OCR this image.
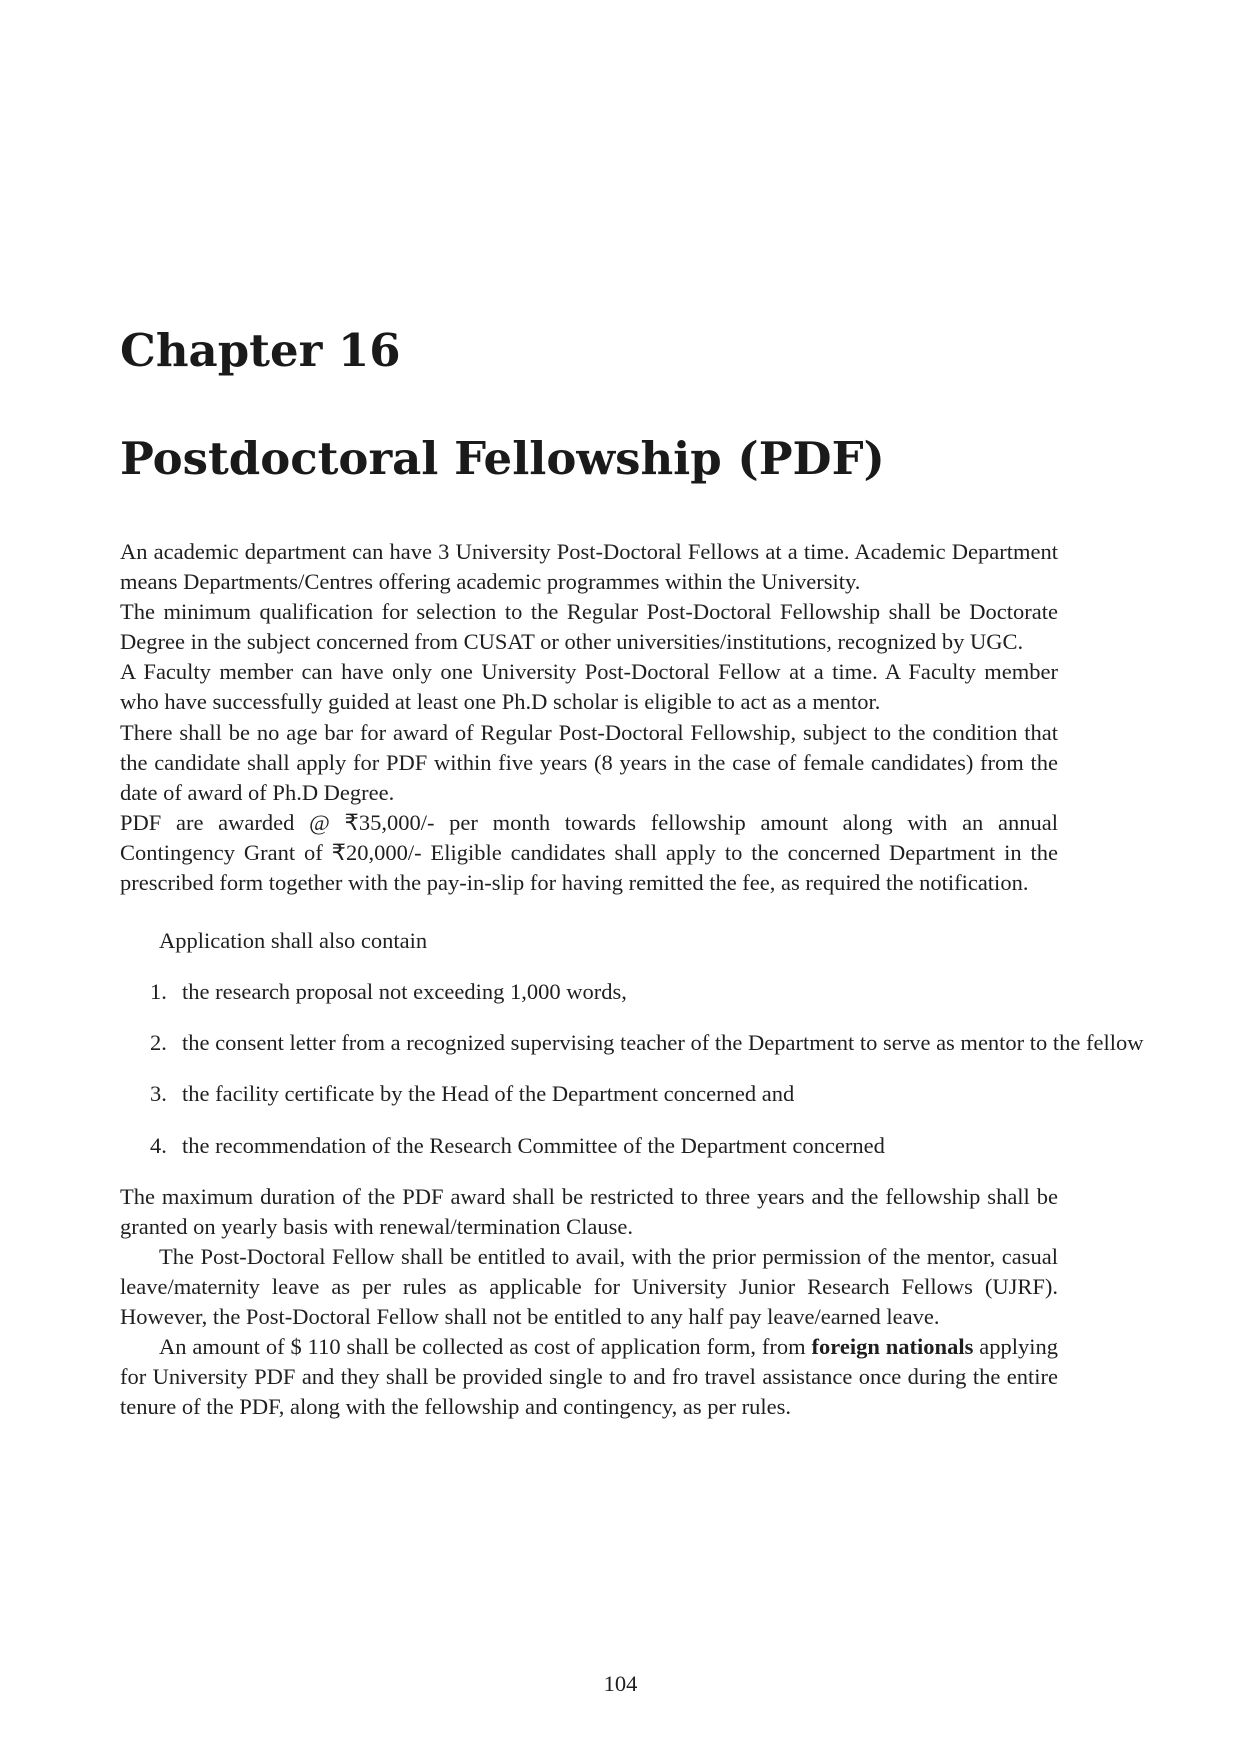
Chapter 16
Postdoctoral Fellowship (PDF)

An academic department can have 3 University Post-Doctoral Fellows at a time. Academic Department means Departments/Centres offering academic programmes within the University.

The minimum qualification for selection to the Regular Post-Doctoral Fellowship shall be Doctorate Degree in the subject concerned from CUSAT or other universities/institutions, recognized by UGC.

A Faculty member can have only one University Post-Doctoral Fellow at a time. A Faculty member who have successfully guided at least one Ph.D scholar is eligible to act as a mentor.

There shall be no age bar for award of Regular Post-Doctoral Fellowship, subject to the condition that the candidate shall apply for PDF within five years (8 years in the case of female candidates) from the date of award of Ph.D Degree.

PDF are awarded @ ₹35,000/- per month towards fellowship amount along with an annual Contingency Grant of ₹20,000/- Eligible candidates shall apply to the concerned Department in the prescribed form together with the pay-in-slip for having remitted the fee, as required the notification.

Application shall also contain

1. the research proposal not exceeding 1,000 words,
2. the consent letter from a recognized supervising teacher of the Department to serve as mentor to the fellow
3. the facility certificate by the Head of the Department concerned and
4. the recommendation of the Research Committee of the Department concerned

The maximum duration of the PDF award shall be restricted to three years and the fellowship shall be granted on yearly basis with renewal/termination Clause.

The Post-Doctoral Fellow shall be entitled to avail, with the prior permission of the mentor, casual leave/maternity leave as per rules as applicable for University Junior Research Fellows (UJRF). However, the Post-Doctoral Fellow shall not be entitled to any half pay leave/earned leave.

An amount of $ 110 shall be collected as cost of application form, from foreign nationals applying for University PDF and they shall be provided single to and fro travel assistance once during the entire tenure of the PDF, along with the fellowship and contingency, as per rules.

104
